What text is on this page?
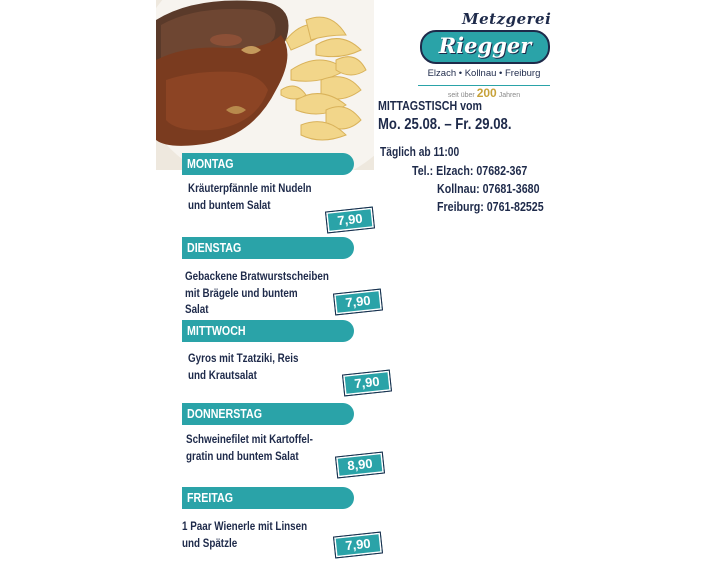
Metzgerei
Riegger
Elzach • Kollnau • Freiburg
seit über 200 Jahren
MITTAGSTISCH vom
Mo. 25.08. – Fr. 29.08.
Täglich ab 11:00
Tel.: Elzach: 07682-367
Kollnau: 07681-3680
Freiburg: 0761-82525
MONTAG
Kräuterpfännle mit Nudeln
und buntem Salat
7,90
DIENSTAG
Gebackene Bratwurstscheiben
mit Brägele und buntem
Salat	7,90
MITTWOCH
Gyros mit Tzatziki, Reis
und Krautsalat	7,90
DONNERSTAG
Schweinefilet mit Kartoffel-
gratin und buntem Salat	8,90
FREITAG
1 Paar Wienerle mit Linsen
und Spätzle	7,90
